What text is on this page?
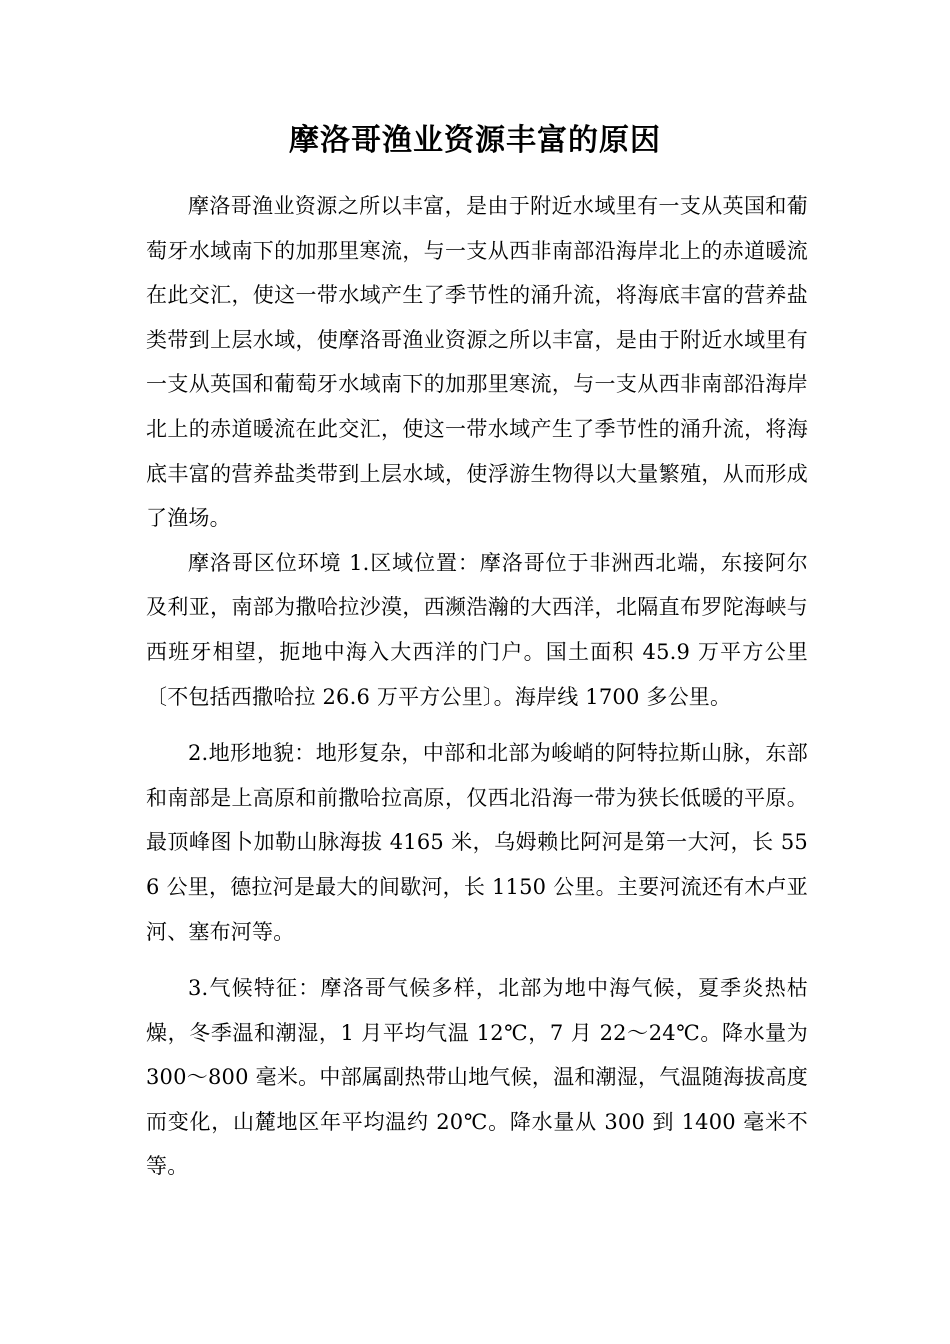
摩洛哥渔业资源丰富的原因

摩洛哥渔业资源之所以丰富，是由于附近水域里有一支从英国和葡萄牙水域南下的加那里寒流，与一支从西非南部沿海岸北上的赤道暖流在此交汇，使这一带水域产生了季节性的涌升流，将海底丰富的营养盐类带到上层水域，使摩洛哥渔业资源之所以丰富，是由于附近水域里有一支从英国和葡萄牙水域南下的加那里寒流，与一支从西非南部沿海岸北上的赤道暖流在此交汇，使这一带水域产生了季节性的涌升流，将海底丰富的营养盐类带到上层水域，使浮游生物得以大量繁殖，从而形成了渔场。

摩洛哥区位环境 1.区域位置：摩洛哥位于非洲西北端，东接阿尔及利亚，南部为撒哈拉沙漠，西濒浩瀚的大西洋，北隔直布罗陀海峡与西班牙相望，扼地中海入大西洋的门户。国土面积 45.9 万平方公里〔不包括西撒哈拉 26.6 万平方公里〕。海岸线 1700 多公里。

2.地形地貌：地形复杂，中部和北部为峻峭的阿特拉斯山脉，东部和南部是上高原和前撒哈拉高原，仅西北沿海一带为狭长低暖的平原。最顶峰图卜加勒山脉海拔 4165 米，乌姆赖比阿河是第一大河，长 556 公里，德拉河是最大的间歇河，长 1150 公里。主要河流还有木卢亚河、塞布河等。

3.气候特征：摩洛哥气候多样，北部为地中海气候，夏季炎热枯燥，冬季温和潮湿，1 月平均气温 12℃，7 月 22～24℃。降水量为 300～800 毫米。中部属副热带山地气候，温和潮湿，气温随海拔高度而变化，山麓地区年平均温约 20℃。降水量从 300 到 1400 毫米不等。
